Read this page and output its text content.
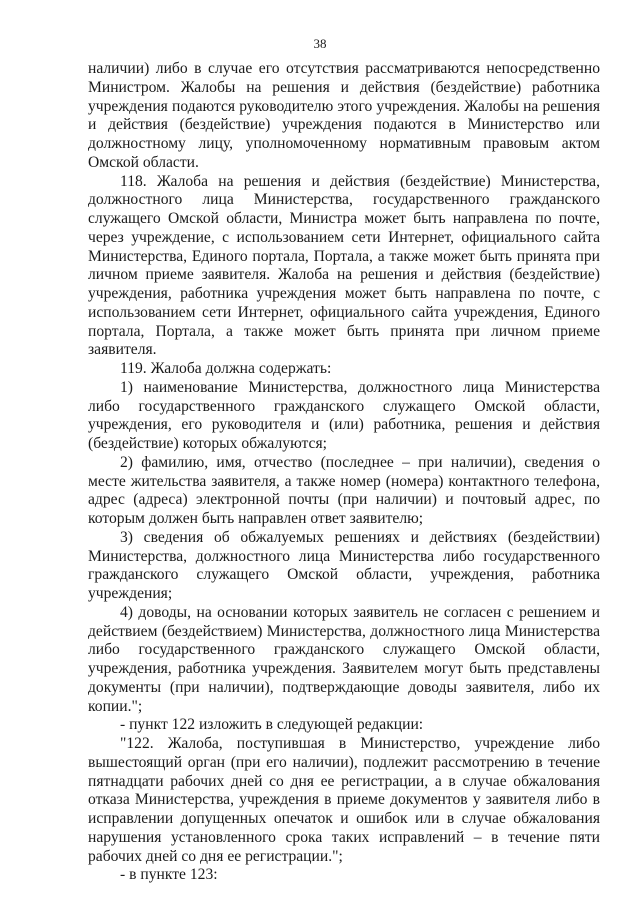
38

наличии) либо в случае его отсутствия рассматриваются непосредственно Министром. Жалобы на решения и действия (бездействие) работника учреждения подаются руководителю этого учреждения. Жалобы на решения и действия (бездействие) учреждения подаются в Министерство или должностному лицу, уполномоченному нормативным правовым актом Омской области.

118. Жалоба на решения и действия (бездействие) Министерства, должностного лица Министерства, государственного гражданского служащего Омской области, Министра может быть направлена по почте, через учреждение, с использованием сети Интернет, официального сайта Министерства, Единого портала, Портала, а также может быть принята при личном приеме заявителя. Жалоба на решения и действия (бездействие) учреждения, работника учреждения может быть направлена по почте, с использованием сети Интернет, официального сайта учреждения, Единого портала, Портала, а также может быть принята при личном приеме заявителя.

119. Жалоба должна содержать:

1) наименование Министерства, должностного лица Министерства либо государственного гражданского служащего Омской области, учреждения, его руководителя и (или) работника, решения и действия (бездействие) которых обжалуются;

2) фамилию, имя, отчество (последнее – при наличии), сведения о месте жительства заявителя, а также номер (номера) контактного телефона, адрес (адреса) электронной почты (при наличии) и почтовый адрес, по которым должен быть направлен ответ заявителю;

3) сведения об обжалуемых решениях и действиях (бездействии) Министерства, должностного лица Министерства либо государственного гражданского служащего Омской области, учреждения, работника учреждения;

4) доводы, на основании которых заявитель не согласен с решением и действием (бездействием) Министерства, должностного лица Министерства либо государственного гражданского служащего Омской области, учреждения, работника учреждения. Заявителем могут быть представлены документы (при наличии), подтверждающие доводы заявителя, либо их копии.";

- пункт 122 изложить в следующей редакции:

"122. Жалоба, поступившая в Министерство, учреждение либо вышестоящий орган (при его наличии), подлежит рассмотрению в течение пятнадцати рабочих дней со дня ее регистрации, а в случае обжалования отказа Министерства, учреждения в приеме документов у заявителя либо в исправлении допущенных опечаток и ошибок или в случае обжалования нарушения установленного срока таких исправлений – в течение пяти рабочих дней со дня ее регистрации.";

- в пункте 123:
